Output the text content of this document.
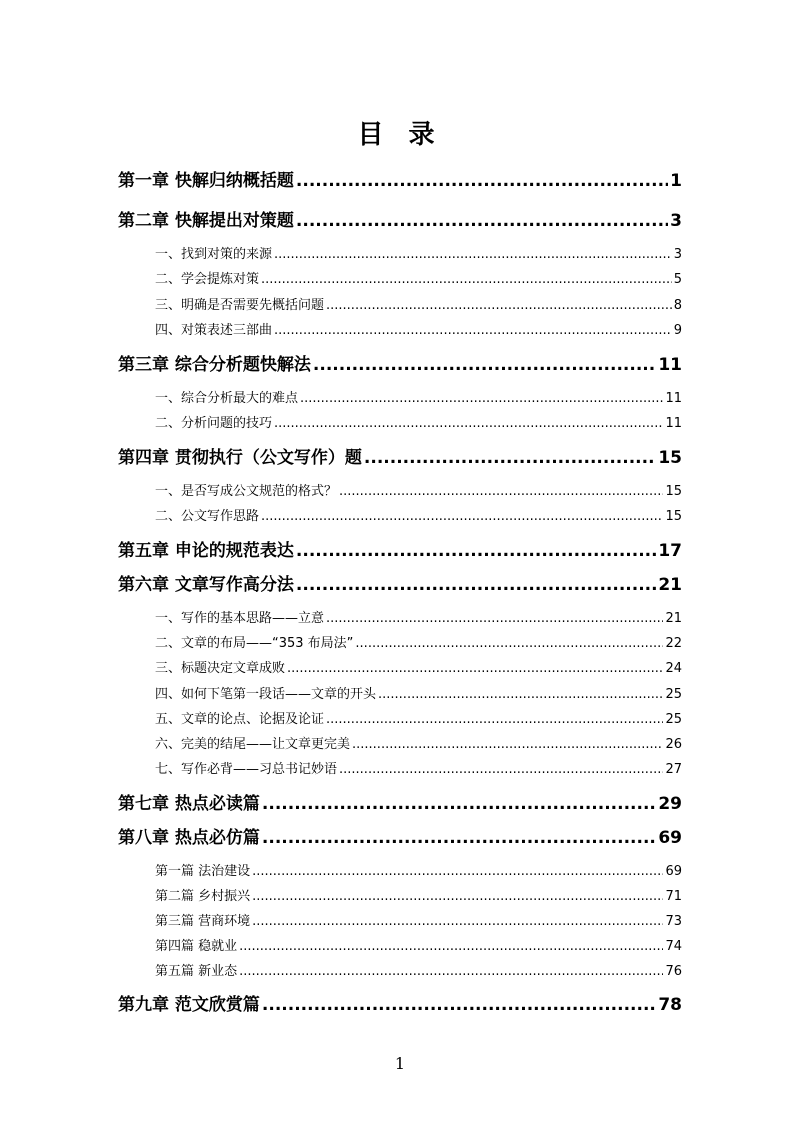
目 录
第一章 快解归纳概括题 .....	1
第二章 快解提出对策题 .....	3
一、找到对策的来源 .....	3
二、学会提炼对策 .....	5
三、明确是否需要先概括问题 .....	8
四、对策表述三部曲 .....	9
第三章 综合分析题快解法 .....	11
一、综合分析最大的难点 .....	11
二、分析问题的技巧 .....	11
第四章 贯彻执行（公文写作）题 .....	15
一、是否写成公文规范的格式？ .....	15
二、公文写作思路 .....	15
第五章 申论的规范表达 .....	17
第六章 文章写作高分法 .....	21
一、写作的基本思路——立意 .....	21
二、文章的布局——“353 布局法” .....	22
三、标题决定文章成败 .....	24
四、如何下笔第一段话——文章的开头 .....	25
五、文章的论点、论据及论证 .....	25
六、完美的结尾——让文章更完美 .....	26
七、写作必背——习总书记妙语 .....	27
第七章 热点必读篇 .....	29
第八章 热点必仿篇 .....	69
第一篇 法治建设 .....	69
第二篇 乡村振兴 .....	71
第三篇 营商环境 .....	73
第四篇 稳就业 .....	74
第五篇 新业态 .....	76
第九章 范文欣赏篇 .....	78
1
